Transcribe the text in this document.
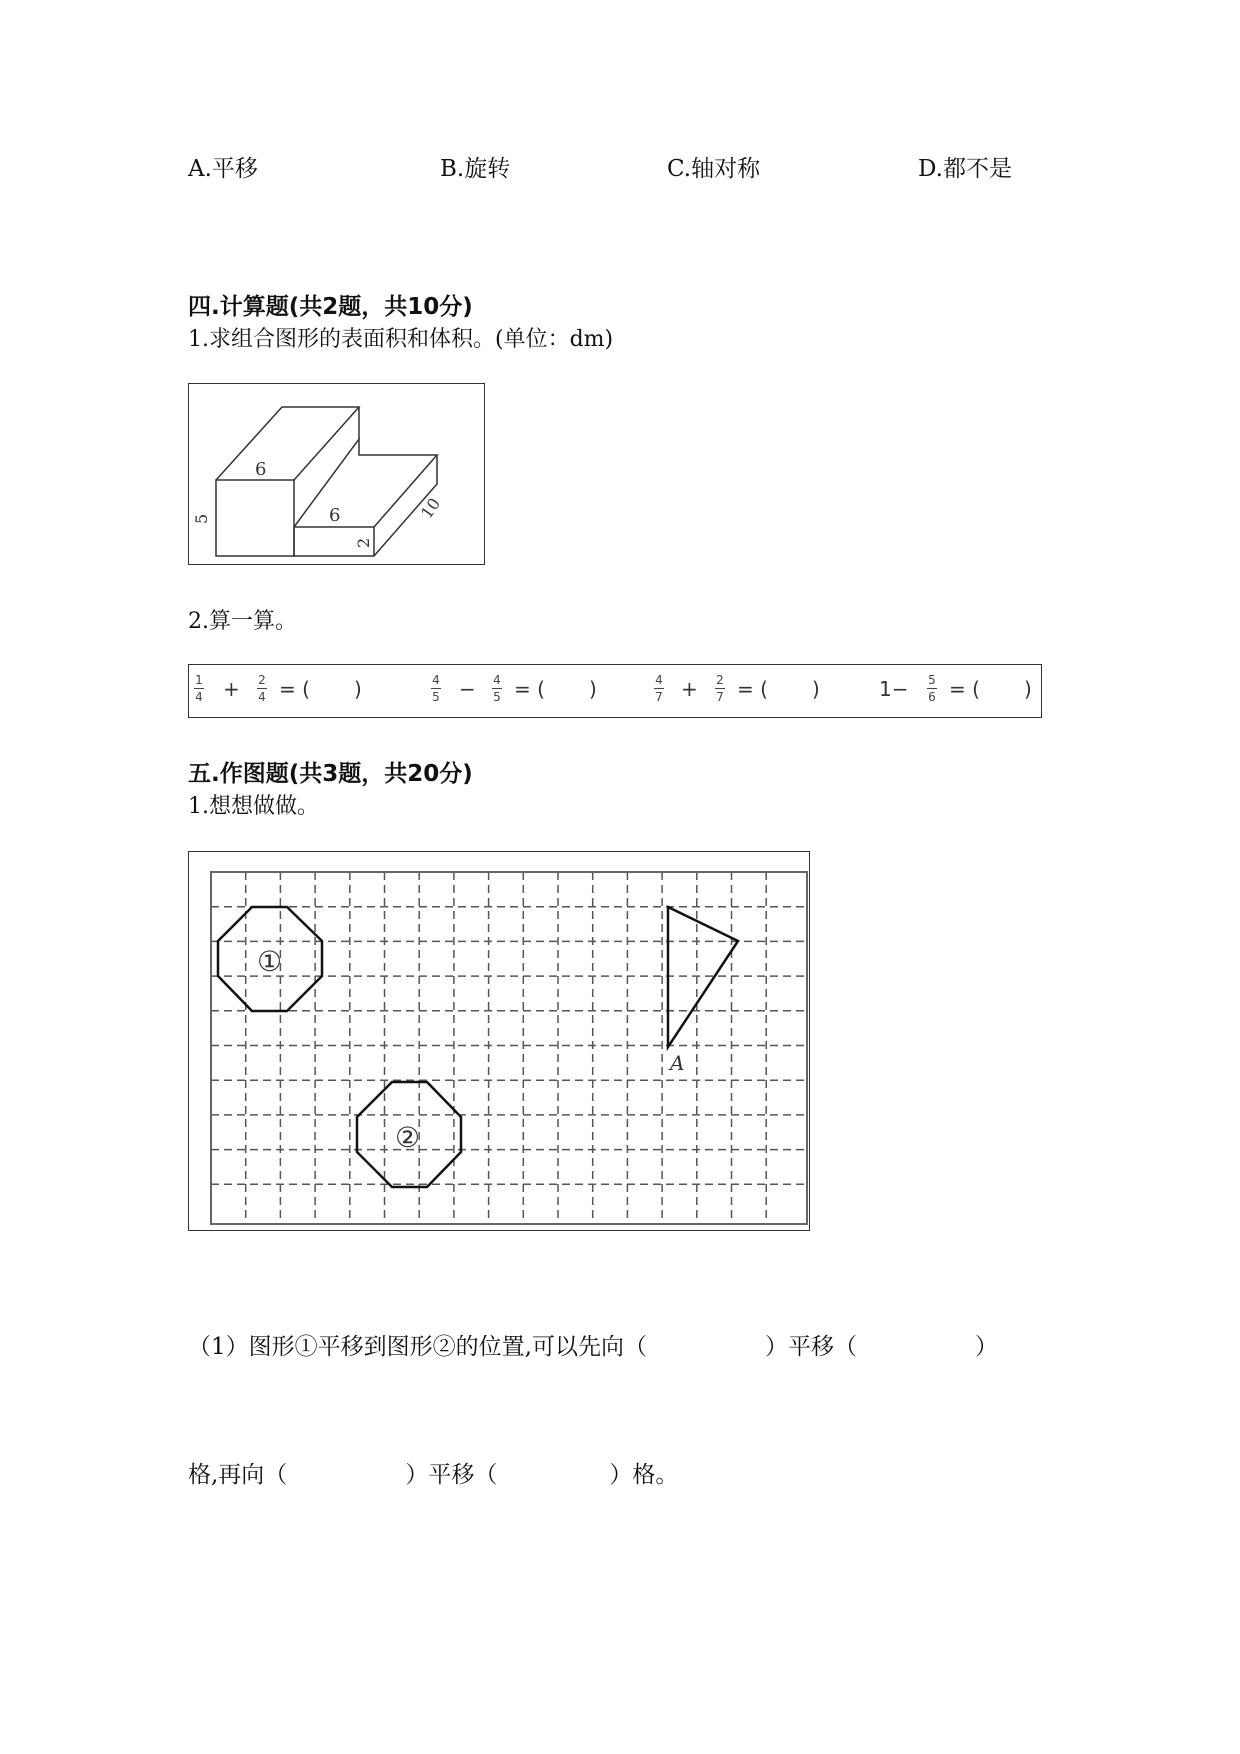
A.平移	B.旋转	C.轴对称	D.都不是
四.计算题(共2题，共10分)
1.求组合图形的表面积和体积。(单位：dm)
6
5	6
2
10
2.算一算。
1
4 + 2
4 = ( )	4
5 − 4
5 = ( )	4
7 + 2
7 = ( )	1− 5
6 = ( )
五.作图题(共3题，共20分)
1.想想做做。
①
②
A
（1）图形①平移到图形②的位置,可以先向（	）平移（	）
格,再向（	）平移（	）格。
